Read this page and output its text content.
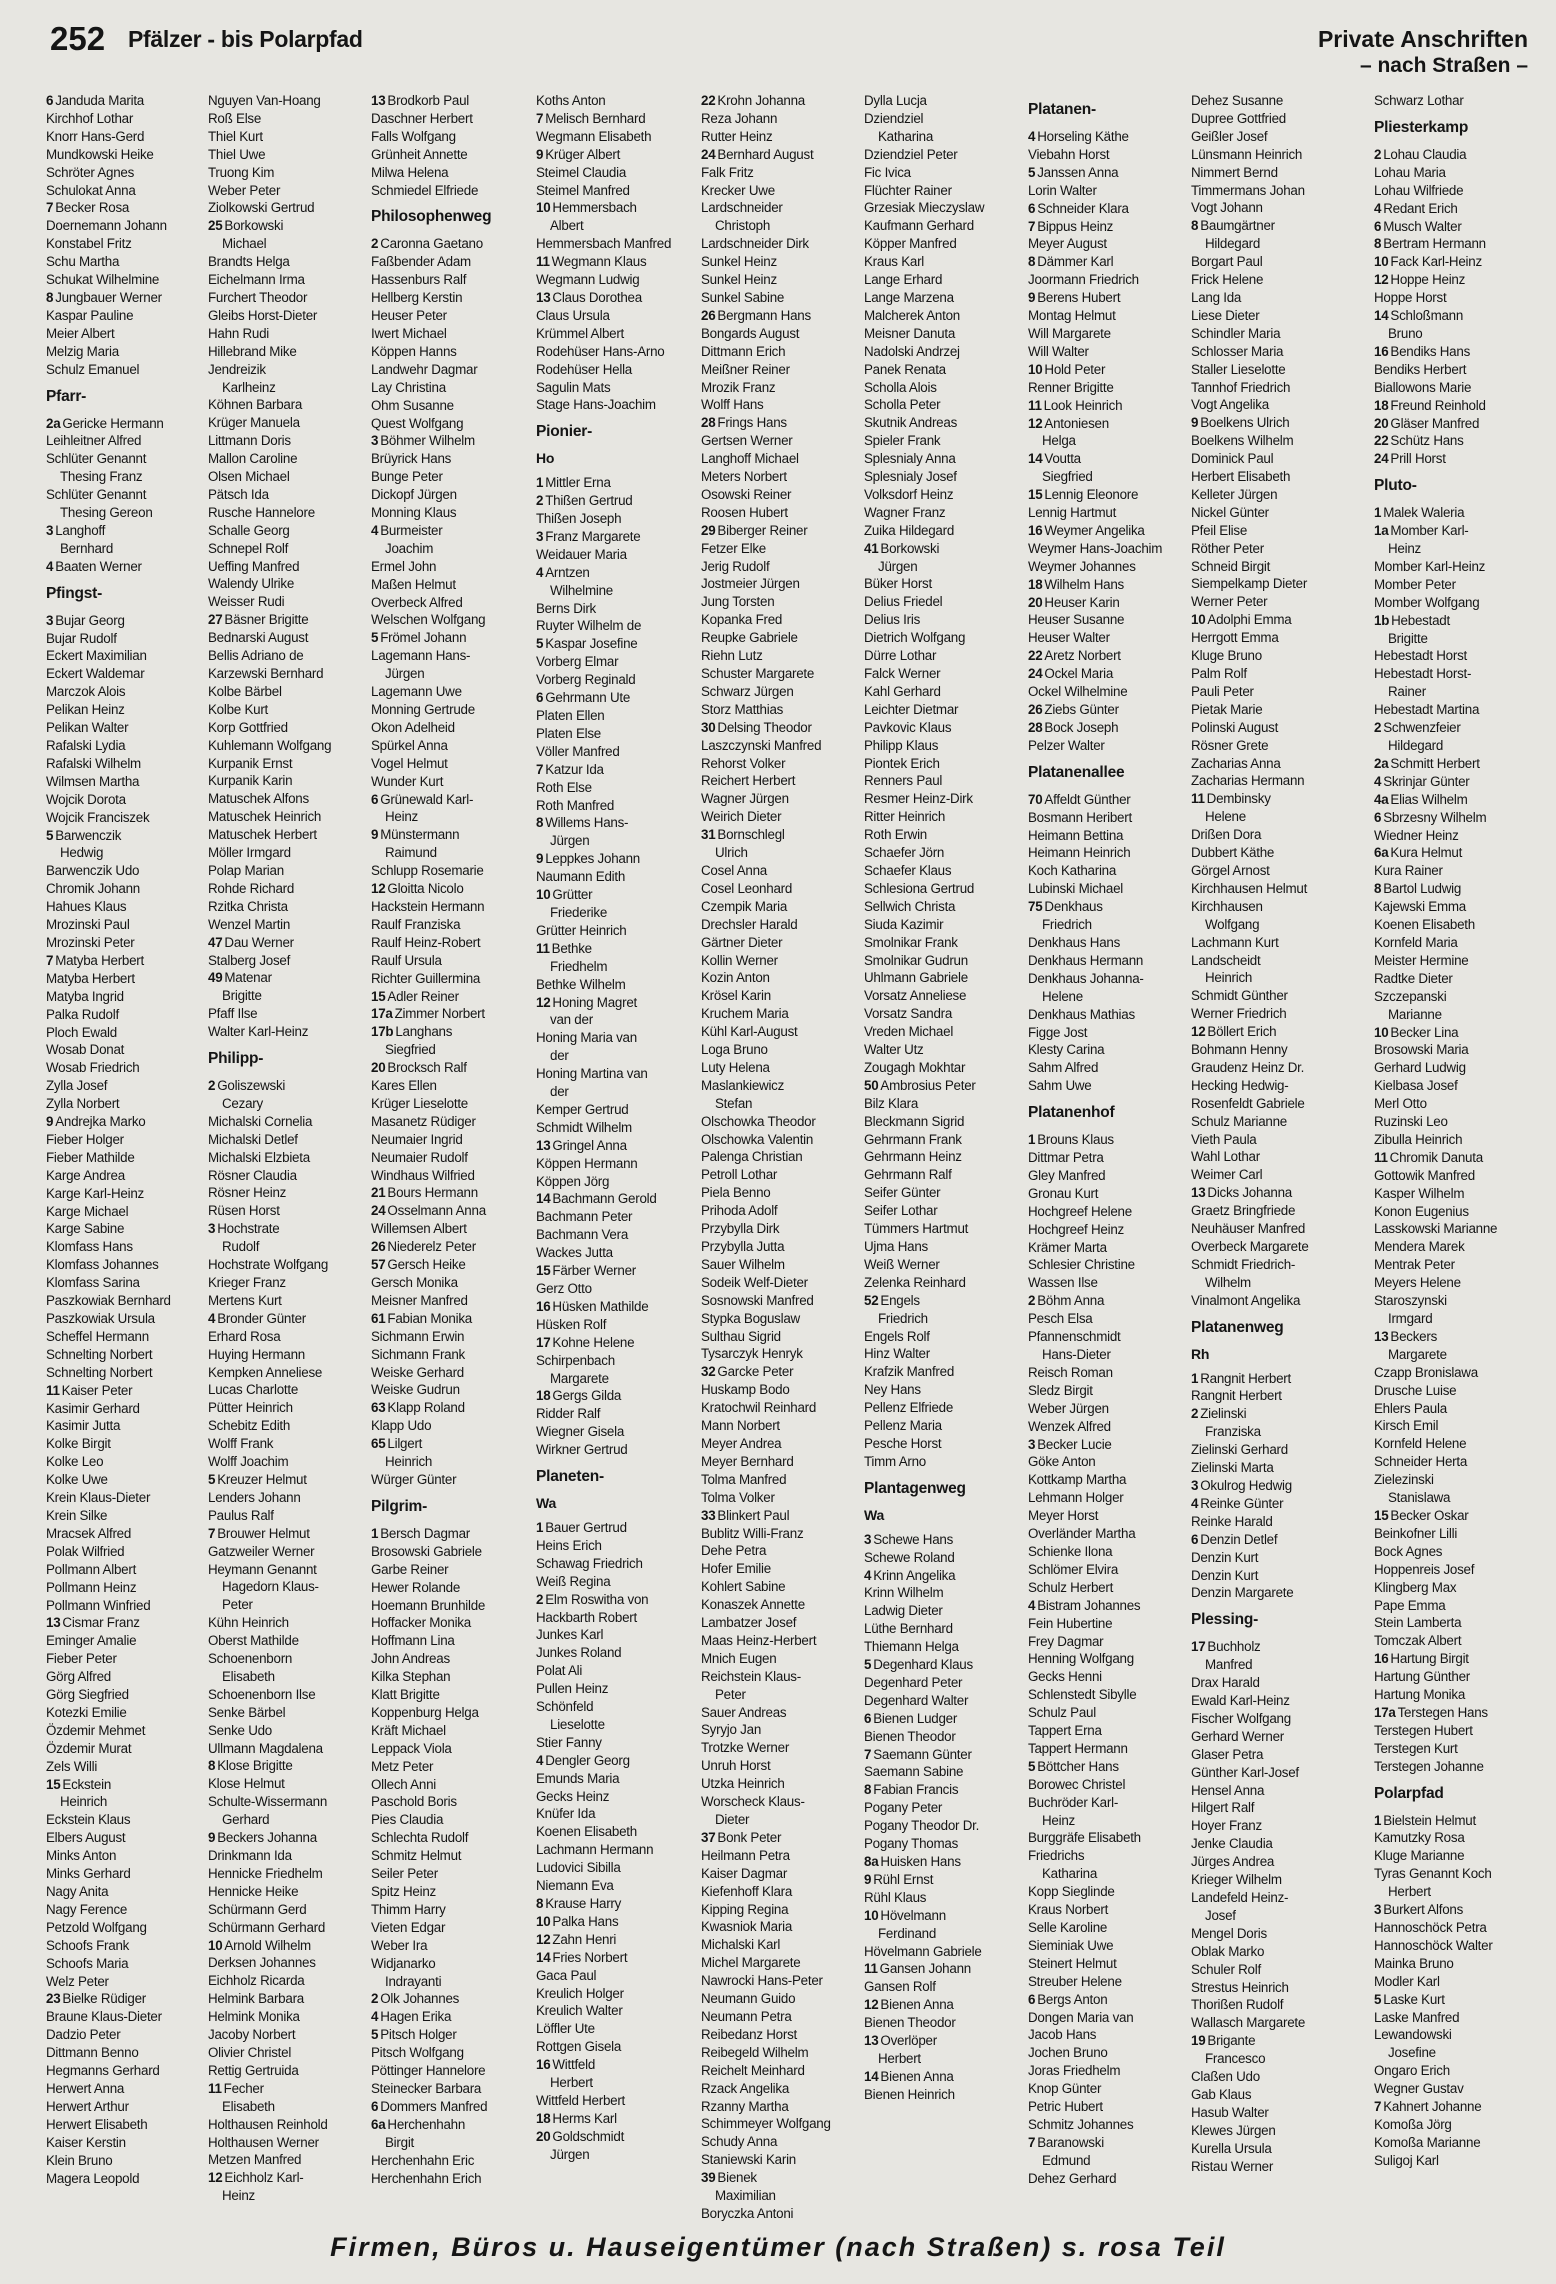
252 Pfälzer - bis Polarpfad	Private Anschriften
– nach Straßen –
6 Janduda Marita
Kirchhof Lothar
Knorr Hans-Gerd
Mundkowski Heike
Schröter Agnes
Schulokat Anna
7 Becker Rosa
Doernemann Johann
Konstabel Fritz
Schu Martha
Schukat Wilhelmine
8 Jungbauer Werner
Kaspar Pauline
Meier Albert
Melzig Maria
Schulz Emanuel
Pfarr-
2a Gericke Hermann
Leihleitner Alfred
Schlüter Genannt
Thesing Franz
Schlüter Genannt
Thesing Gereon
3 Langhoff
Bernhard
4 Baaten Werner
Pfingst-
3 Bujar Georg
Bujar Rudolf
Eckert Maximilian
Eckert Waldemar
Marczok Alois
Pelikan Heinz
Pelikan Walter
Rafalski Lydia
Rafalski Wilhelm
Wilmsen Martha
Wojcik Dorota
Wojcik Franciszek
5 Barwenczik
Hedwig
Barwenczik Udo
Chromik Johann
Hahues Klaus
Mrozinski Paul
Mrozinski Peter
7 Matyba Herbert
Matyba Herbert
Matyba Ingrid
Palka Rudolf
Ploch Ewald
Wosab Donat
Wosab Friedrich
Zylla Josef
Zylla Norbert
9 Andrejka Marko
Fieber Holger
Fieber Mathilde
Karge Andrea
Karge Karl-Heinz
Karge Michael
Karge Sabine
Klomfass Hans
Klomfass Johannes
Klomfass Sarina
Paszkowiak Bernhard
Paszkowiak Ursula
Scheffel Hermann
Schnelting Norbert
Schnelting Norbert
11 Kaiser Peter
Kasimir Gerhard
Kasimir Jutta
Kolke Birgit
Kolke Leo
Kolke Uwe
Krein Klaus-Dieter
Krein Silke
Mracsek Alfred
Polak Wilfried
Pollmann Albert
Pollmann Heinz
Pollmann Winfried
13 Cismar Franz
Eminger Amalie
Fieber Peter
Görg Alfred
Görg Siegfried
Kotezki Emilie
Özdemir Mehmet
Özdemir Murat
Zels Willi
15 Eckstein
Heinrich
Eckstein Klaus
Elbers August
Minks Anton
Minks Gerhard
Nagy Anita
Nagy Ference
Petzold Wolfgang
Schoofs Frank
Schoofs Maria
Welz Peter
23 Bielke Rüdiger
Braune Klaus-Dieter
Dadzio Peter
Dittmann Benno
Hegmanns Gerhard
Herwert Anna
Herwert Arthur
Herwert Elisabeth
Kaiser Kerstin
Klein Bruno
Magera Leopold
Nguyen Van-Hoang
Roß Else
Thiel Kurt
Thiel Uwe
Truong Kim
Weber Peter
Ziolkowski Gertrud
25 Borkowski
Michael
Brandts Helga
Eichelmann Irma
Furchert Theodor
Gleibs Horst-Dieter
Hahn Rudi
Hillebrand Mike
Jendreizik
Karlheinz
Köhnen Barbara
Krüger Manuela
Littmann Doris
Mallon Caroline
Olsen Michael
Pätsch Ida
Rusche Hannelore
Schalle Georg
Schnepel Rolf
Ueffing Manfred
Walendy Ulrike
Weisser Rudi
27 Bäsner Brigitte
Bednarski August
Bellis Adriano de
Karzewski Bernhard
Kolbe Bärbel
Kolbe Kurt
Korp Gottfried
Kuhlemann Wolfgang
Kurpanik Ernst
Kurpanik Karin
Matuschek Alfons
Matuschek Heinrich
Matuschek Herbert
Möller Irmgard
Polap Marian
Rohde Richard
Rzitka Christa
Wenzel Martin
47 Dau Werner
Stalberg Josef
49 Matenar
Brigitte
Pfaff Ilse
Walter Karl-Heinz
Philipp-
2 Goliszewski
Cezary
Michalski Cornelia
Michalski Detlef
Michalski Elzbieta
Rösner Claudia
Rösner Heinz
Rüsen Horst
3 Hochstrate
Rudolf
Hochstrate Wolfgang
Krieger Franz
Mertens Kurt
4 Bronder Günter
Erhard Rosa
Huying Hermann
Kempken Anneliese
Lucas Charlotte
Pütter Heinrich
Schebitz Edith
Wolff Frank
Wolff Joachim
5 Kreuzer Helmut
Lenders Johann
Paulus Ralf
7 Brouwer Helmut
Gatzweiler Werner
Heymann Genannt
Hagedorn Klaus-
Peter
Kühn Heinrich
Oberst Mathilde
Schoenenborn
Elisabeth
Schoenenborn Ilse
Senke Bärbel
Senke Udo
Ullmann Magdalena
8 Klose Brigitte
Klose Helmut
Schulte-Wissermann
Gerhard
9 Beckers Johanna
Drinkmann Ida
Hennicke Friedhelm
Hennicke Heike
Schürmann Gerd
Schürmann Gerhard
10 Arnold Wilhelm
Derksen Johannes
Eichholz Ricarda
Helmink Barbara
Helmink Monika
Jacoby Norbert
Olivier Christel
Rettig Gertruida
11 Fecher
Elisabeth
Holthausen Reinhold
Holthausen Werner
Metzen Manfred
12 Eichholz Karl-
Heinz
13 Brodkorb Paul
Daschner Herbert
Falls Wolfgang
Grünheit Annette
Milwa Helena
Schmiedel Elfriede
Philosophenweg
2 Caronna Gaetano
Faßbender Adam
Hassenburs Ralf
Hellberg Kerstin
Heuser Peter
Iwert Michael
Köppen Hanns
Landwehr Dagmar
Lay Christina
Ohm Susanne
Quest Wolfgang
3 Böhmer Wilhelm
Brüyrick Hans
Bunge Peter
Dickopf Jürgen
Monning Klaus
4 Burmeister
Joachim
Ermel John
Maßen Helmut
Overbeck Alfred
Welschen Wolfgang
5 Frömel Johann
Lagemann Hans-
Jürgen
Lagemann Uwe
Monning Gertrude
Okon Adelheid
Spürkel Anna
Vogel Helmut
Wunder Kurt
6 Grünewald Karl-
Heinz
9 Münstermann
Raimund
Schlupp Rosemarie
12 Gloitta Nicolo
Hackstein Hermann
Raulf Franziska
Raulf Heinz-Robert
Raulf Ursula
Richter Guillermina
15 Adler Reiner
17a Zimmer Norbert
17b Langhans
Siegfried
20 Brocksch Ralf
Kares Ellen
Krüger Lieselotte
Masanetz Rüdiger
Neumaier Ingrid
Neumaier Rudolf
Windhaus Wilfried
21 Bours Hermann
24 Osselmann Anna
Willemsen Albert
26 Niederelz Peter
57 Gersch Heike
Gersch Monika
Meisner Manfred
61 Fabian Monika
Sichmann Erwin
Sichmann Frank
Weiske Gerhard
Weiske Gudrun
63 Klapp Roland
Klapp Udo
65 Lilgert
Heinrich
Würger Günter
Pilgrim-
1 Bersch Dagmar
Brosowski Gabriele
Garbe Reiner
Hewer Rolande
Hoemann Brunhilde
Hoffacker Monika
Hoffmann Lina
John Andreas
Kilka Stephan
Klatt Brigitte
Koppenburg Helga
Kräft Michael
Leppack Viola
Metz Peter
Ollech Anni
Paschold Boris
Pies Claudia
Schlechta Rudolf
Schmitz Helmut
Seiler Peter
Spitz Heinz
Thimm Harry
Vieten Edgar
Weber Ira
Widjanarko
Indrayanti
2 Olk Johannes
4 Hagen Erika
5 Pitsch Holger
Pitsch Wolfgang
Pöttinger Hannelore
Steinecker Barbara
6 Dommers Manfred
6a Herchenhahn
Birgit
Herchenhahn Eric
Herchenhahn Erich
Koths Anton
7 Melisch Bernhard
Wegmann Elisabeth
9 Krüger Albert
Steimel Claudia
Steimel Manfred
10 Hemmersbach
Albert
Hemmersbach Manfred
11 Wegmann Klaus
Wegmann Ludwig
13 Claus Dorothea
Claus Ursula
Krümmel Albert
Rodehüser Hans-Arno
Rodehüser Hella
Sagulin Mats
Stage Hans-Joachim
Pionier-
Ho
1 Mittler Erna
2 Thißen Gertrud
Thißen Joseph
3 Franz Margarete
Weidauer Maria
4 Arntzen
Wilhelmine
Berns Dirk
Ruyter Wilhelm de
5 Kaspar Josefine
Vorberg Elmar
Vorberg Reginald
6 Gehrmann Ute
Platen Ellen
Platen Else
Völler Manfred
7 Katzur Ida
Roth Else
Roth Manfred
8 Willems Hans-
Jürgen
9 Leppkes Johann
Naumann Edith
10 Grütter
Friederike
Grütter Heinrich
11 Bethke
Friedhelm
Bethke Wilhelm
12 Honing Magret
van der
Honing Maria van
der
Honing Martina van
der
Kemper Gertrud
Schmidt Wilhelm
13 Gringel Anna
Köppen Hermann
Köppen Jörg
14 Bachmann Gerold
Bachmann Peter
Bachmann Vera
Wackes Jutta
15 Färber Werner
Gerz Otto
16 Hüsken Mathilde
Hüsken Rolf
17 Kohne Helene
Schirpenbach
Margarete
18 Gergs Gilda
Ridder Ralf
Wiegner Gisela
Wirkner Gertrud
Planeten-
Wa
1 Bauer Gertrud
Heins Erich
Schawag Friedrich
Weiß Regina
2 Elm Roswitha von
Hackbarth Robert
Junkes Karl
Junkes Roland
Polat Ali
Pullen Heinz
Schönfeld
Lieselotte
Stier Fanny
4 Dengler Georg
Emunds Maria
Gecks Heinz
Knüfer Ida
Koenen Elisabeth
Lachmann Hermann
Ludovici Sibilla
Niemann Eva
8 Krause Harry
10 Palka Hans
12 Zahn Henri
14 Fries Norbert
Gaca Paul
Kreulich Holger
Kreulich Walter
Löffler Ute
Rottgen Gisela
16 Wittfeld
Herbert
Wittfeld Herbert
18 Herms Karl
20 Goldschmidt
Jürgen
22 Krohn Johanna
Reza Johann
Rutter Heinz
24 Bernhard August
Falk Fritz
Krecker Uwe
Lardschneider
Christoph
Lardschneider Dirk
Sunkel Heinz
Sunkel Heinz
Sunkel Sabine
26 Bergmann Hans
Bongards August
Dittmann Erich
Meißner Reiner
Mrozik Franz
Wolff Hans
28 Frings Hans
Gertsen Werner
Langhoff Michael
Meters Norbert
Osowski Reiner
Roosen Hubert
29 Biberger Reiner
Fetzer Elke
Jerig Rudolf
Jostmeier Jürgen
Jung Torsten
Kopanka Fred
Reupke Gabriele
Riehn Lutz
Schuster Margarete
Schwarz Jürgen
Storz Matthias
30 Delsing Theodor
Laszczynski Manfred
Rehorst Volker
Reichert Herbert
Wagner Jürgen
Weirich Dieter
31 Bornschlegl
Ulrich
Cosel Anna
Cosel Leonhard
Czempik Maria
Drechsler Harald
Gärtner Dieter
Kollin Werner
Kozin Anton
Krösel Karin
Kruchem Maria
Kühl Karl-August
Loga Bruno
Luty Helena
Maslankiewicz
Stefan
Olschowka Theodor
Olschowka Valentin
Palenga Christian
Petroll Lothar
Piela Benno
Prihoda Adolf
Przybylla Dirk
Przybylla Jutta
Sauer Wilhelm
Sodeik Welf-Dieter
Sosnowski Manfred
Stypka Boguslaw
Sulthau Sigrid
Tysarczyk Henryk
32 Garcke Peter
Huskamp Bodo
Kratochwil Reinhard
Mann Norbert
Meyer Andrea
Meyer Bernhard
Tolma Manfred
Tolma Volker
33 Blinkert Paul
Bublitz Willi-Franz
Dehe Petra
Hofer Emilie
Kohlert Sabine
Konaszek Annette
Lambatzer Josef
Maas Heinz-Herbert
Mnich Eugen
Reichstein Klaus-
Peter
Sauer Andreas
Syryjo Jan
Trotzke Werner
Unruh Horst
Utzka Heinrich
Worscheck Klaus-
Dieter
37 Bonk Peter
Heilmann Petra
Kaiser Dagmar
Kiefenhoff Klara
Kipping Regina
Kwasniok Maria
Michalski Karl
Michel Margarete
Nawrocki Hans-Peter
Neumann Guido
Neumann Petra
Reibedanz Horst
Reibegeld Wilhelm
Reichelt Meinhard
Rzack Angelika
Rzanny Martha
Schimmeyer Wolfgang
Schudy Anna
Staniewski Karin
39 Bienek
Maximilian
Boryczka Antoni
Dylla Lucja
Dziendziel
Katharina
Dziendziel Peter
Fic Ivica
Flüchter Rainer
Grzesiak Mieczyslaw
Kaufmann Gerhard
Köpper Manfred
Kraus Karl
Lange Erhard
Lange Marzena
Malcherek Anton
Meisner Danuta
Nadolski Andrzej
Panek Renata
Scholla Alois
Scholla Peter
Skutnik Andreas
Spieler Frank
Splesnialy Anna
Splesnialy Josef
Volksdorf Heinz
Wagner Franz
Zuika Hildegard
41 Borkowski
Jürgen
Büker Horst
Delius Friedel
Delius Iris
Dietrich Wolfgang
Dürre Lothar
Falck Werner
Kahl Gerhard
Leichter Dietmar
Pavkovic Klaus
Philipp Klaus
Piontek Erich
Renners Paul
Resmer Heinz-Dirk
Ritter Heinrich
Roth Erwin
Schaefer Jörn
Schaefer Klaus
Schlesiona Gertrud
Sellwich Christa
Siuda Kazimir
Smolnikar Frank
Smolnikar Gudrun
Uhlmann Gabriele
Vorsatz Anneliese
Vorsatz Sandra
Vreden Michael
Walter Utz
Zougagh Mokhtar
50 Ambrosius Peter
Bilz Klara
Bleckmann Sigrid
Gehrmann Frank
Gehrmann Heinz
Gehrmann Ralf
Seifer Günter
Seifer Lothar
Tümmers Hartmut
Ujma Hans
Weiß Werner
Zelenka Reinhard
52 Engels
Friedrich
Engels Rolf
Hinz Walter
Krafzik Manfred
Ney Hans
Pellenz Elfriede
Pellenz Maria
Pesche Horst
Timm Arno
Plantagenweg
Wa
3 Schewe Hans
Schewe Roland
4 Krinn Angelika
Krinn Wilhelm
Ladwig Dieter
Lüthe Bernhard
Thiemann Helga
5 Degenhard Klaus
Degenhard Peter
Degenhard Walter
6 Bienen Ludger
Bienen Theodor
7 Saemann Günter
Saemann Sabine
8 Fabian Francis
Pogany Peter
Pogany Theodor Dr.
Pogany Thomas
8a Huisken Hans
9 Rühl Ernst
Rühl Klaus
10 Hövelmann
Ferdinand
Hövelmann Gabriele
11 Gansen Johann
Gansen Rolf
12 Bienen Anna
Bienen Theodor
13 Overlöper
Herbert
14 Bienen Anna
Bienen Heinrich
Platanen-
4 Horseling Käthe
Viebahn Horst
5 Janssen Anna
Lorin Walter
6 Schneider Klara
7 Bippus Heinz
Meyer August
8 Dämmer Karl
Joormann Friedrich
9 Berens Hubert
Montag Helmut
Will Margarete
Will Walter
10 Hold Peter
Renner Brigitte
11 Look Heinrich
12 Antoniesen
Helga
14 Voutta
Siegfried
15 Lennig Eleonore
Lennig Hartmut
16 Weymer Angelika
Weymer Hans-Joachim
Weymer Johannes
18 Wilhelm Hans
20 Heuser Karin
Heuser Susanne
Heuser Walter
22 Aretz Norbert
24 Ockel Maria
Ockel Wilhelmine
26 Ziebs Günter
28 Bock Joseph
Pelzer Walter
Platanenallee
70 Affeldt Günther
Bosmann Heribert
Heimann Bettina
Heimann Heinrich
Koch Katharina
Lubinski Michael
75 Denkhaus
Friedrich
Denkhaus Hans
Denkhaus Hermann
Denkhaus Johanna-
Helene
Denkhaus Mathias
Figge Jost
Klesty Carina
Sahm Alfred
Sahm Uwe
Platanenhof
1 Brouns Klaus
Dittmar Petra
Gley Manfred
Gronau Kurt
Hochgreef Helene
Hochgreef Heinz
Krämer Marta
Schlesier Christine
Wassen Ilse
2 Böhm Anna
Pesch Elsa
Pfannenschmidt
Hans-Dieter
Reisch Roman
Sledz Birgit
Weber Jürgen
Wenzek Alfred
3 Becker Lucie
Göke Anton
Kottkamp Martha
Lehmann Holger
Meyer Horst
Overländer Martha
Schienke Ilona
Schlömer Elvira
Schulz Herbert
4 Bistram Johannes
Fein Hubertine
Frey Dagmar
Henning Wolfgang
Gecks Henni
Schlenstedt Sibylle
Schulz Paul
Tappert Erna
Tappert Hermann
5 Böttcher Hans
Borowec Christel
Buchröder Karl-
Heinz
Burggräfe Elisabeth
Friedrichs
Katharina
Kopp Sieglinde
Kraus Norbert
Selle Karoline
Sieminiak Uwe
Steinert Helmut
Streuber Helene
6 Bergs Anton
Dongen Maria van
Jacob Hans
Jochen Bruno
Joras Friedhelm
Knop Günter
Petric Hubert
Schmitz Johannes
7 Baranowski
Edmund
Dehez Gerhard
Dehez Susanne
Dupree Gottfried
Geißler Josef
Lünsmann Heinrich
Nimmert Bernd
Timmermans Johan
Vogt Johann
8 Baumgärtner
Hildegard
Borgart Paul
Frick Helene
Lang Ida
Liese Dieter
Schindler Maria
Schlosser Maria
Staller Lieselotte
Tannhof Friedrich
Vogt Angelika
9 Boelkens Ulrich
Boelkens Wilhelm
Dominick Paul
Herbert Elisabeth
Kelleter Jürgen
Nickel Günter
Pfeil Elise
Röther Peter
Schneid Birgit
Siempelkamp Dieter
Werner Peter
10 Adolphi Emma
Herrgott Emma
Kluge Bruno
Palm Rolf
Pauli Peter
Pietak Marie
Polinski August
Rösner Grete
Zacharias Anna
Zacharias Hermann
11 Dembinsky
Helene
Drißen Dora
Dubbert Käthe
Görgel Arnost
Kirchhausen Helmut
Kirchhausen
Wolfgang
Lachmann Kurt
Landscheidt
Heinrich
Schmidt Günther
Werner Friedrich
12 Böllert Erich
Bohmann Henny
Graudenz Heinz Dr.
Hecking Hedwig-
Rosenfeldt Gabriele
Schulz Marianne
Vieth Paula
Wahl Lothar
Weimer Carl
13 Dicks Johanna
Graetz Bringfriede
Neuhäuser Manfred
Overbeck Margarete
Schmidt Friedrich-
Wilhelm
Vinalmont Angelika
Platanenweg
Rh
1 Rangnit Herbert
Rangnit Herbert
2 Zielinski
Franziska
Zielinski Gerhard
Zielinski Marta
3 Okulrog Hedwig
4 Reinke Günter
Reinke Harald
6 Denzin Detlef
Denzin Kurt
Denzin Kurt
Denzin Margarete
Plessing-
17 Buchholz
Manfred
Drax Harald
Ewald Karl-Heinz
Fischer Wolfgang
Gerhard Werner
Glaser Petra
Günther Karl-Josef
Hensel Anna
Hilgert Ralf
Hoyer Franz
Jenke Claudia
Jürges Andrea
Krieger Wilhelm
Landefeld Heinz-
Josef
Mengel Doris
Oblak Marko
Schuler Rolf
Strestus Heinrich
Thorißen Rudolf
Wallasch Margarete
19 Brigante
Francesco
Claßen Udo
Gab Klaus
Hasub Walter
Klewes Jürgen
Kurella Ursula
Ristau Werner
Schwarz Lothar
Pliesterkamp
2 Lohau Claudia
Lohau Maria
Lohau Wilfriede
4 Redant Erich
6 Musch Walter
8 Bertram Hermann
10 Fack Karl-Heinz
12 Hoppe Heinz
Hoppe Horst
14 Schloßmann
Bruno
16 Bendiks Hans
Bendiks Herbert
Biallowons Marie
18 Freund Reinhold
20 Gläser Manfred
22 Schütz Hans
24 Prill Horst
Pluto-
1 Malek Waleria
1a Momber Karl-
Heinz
Momber Karl-Heinz
Momber Peter
Momber Wolfgang
1b Hebestadt
Brigitte
Hebestadt Horst
Hebestadt Horst-
Rainer
Hebestadt Martina
2 Schwenzfeier
Hildegard
2a Schmitt Herbert
4 Skrinjar Günter
4a Elias Wilhelm
6 Sbrzesny Wilhelm
Wiedner Heinz
6a Kura Helmut
Kura Rainer
8 Bartol Ludwig
Kajewski Emma
Koenen Elisabeth
Kornfeld Maria
Meister Hermine
Radtke Dieter
Szczepanski
Marianne
10 Becker Lina
Brosowski Maria
Gerhard Ludwig
Kielbasa Josef
Merl Otto
Ruzinski Leo
Zibulla Heinrich
11 Chromik Danuta
Gottowik Manfred
Kasper Wilhelm
Konon Eugenius
Lasskowski Marianne
Mendera Marek
Mentrak Peter
Meyers Helene
Staroszynski
Irmgard
13 Beckers
Margarete
Czapp Bronislawa
Drusche Luise
Ehlers Paula
Kirsch Emil
Kornfeld Helene
Schneider Herta
Zielezinski
Stanislawa
15 Becker Oskar
Beinkofner Lilli
Bock Agnes
Hoppenreis Josef
Klingberg Max
Pape Emma
Stein Lamberta
Tomczak Albert
16 Hartung Birgit
Hartung Günther
Hartung Monika
17a Terstegen Hans
Terstegen Hubert
Terstegen Kurt
Terstegen Johanne
Polarpfad
1 Bielstein Helmut
Kamutzky Rosa
Kluge Marianne
Tyras Genannt Koch
Herbert
3 Burkert Alfons
Hannoschöck Petra
Hannoschöck Walter
Mainka Bruno
Modler Karl
5 Laske Kurt
Laske Manfred
Lewandowski
Josefine
Ongaro Erich
Wegner Gustav
7 Kahnert Johanne
Komoßa Jörg
Komoßa Marianne
Suligoj Karl
Firmen, Büros u. Hauseigentümer (nach Straßen) s. rosa Teil
